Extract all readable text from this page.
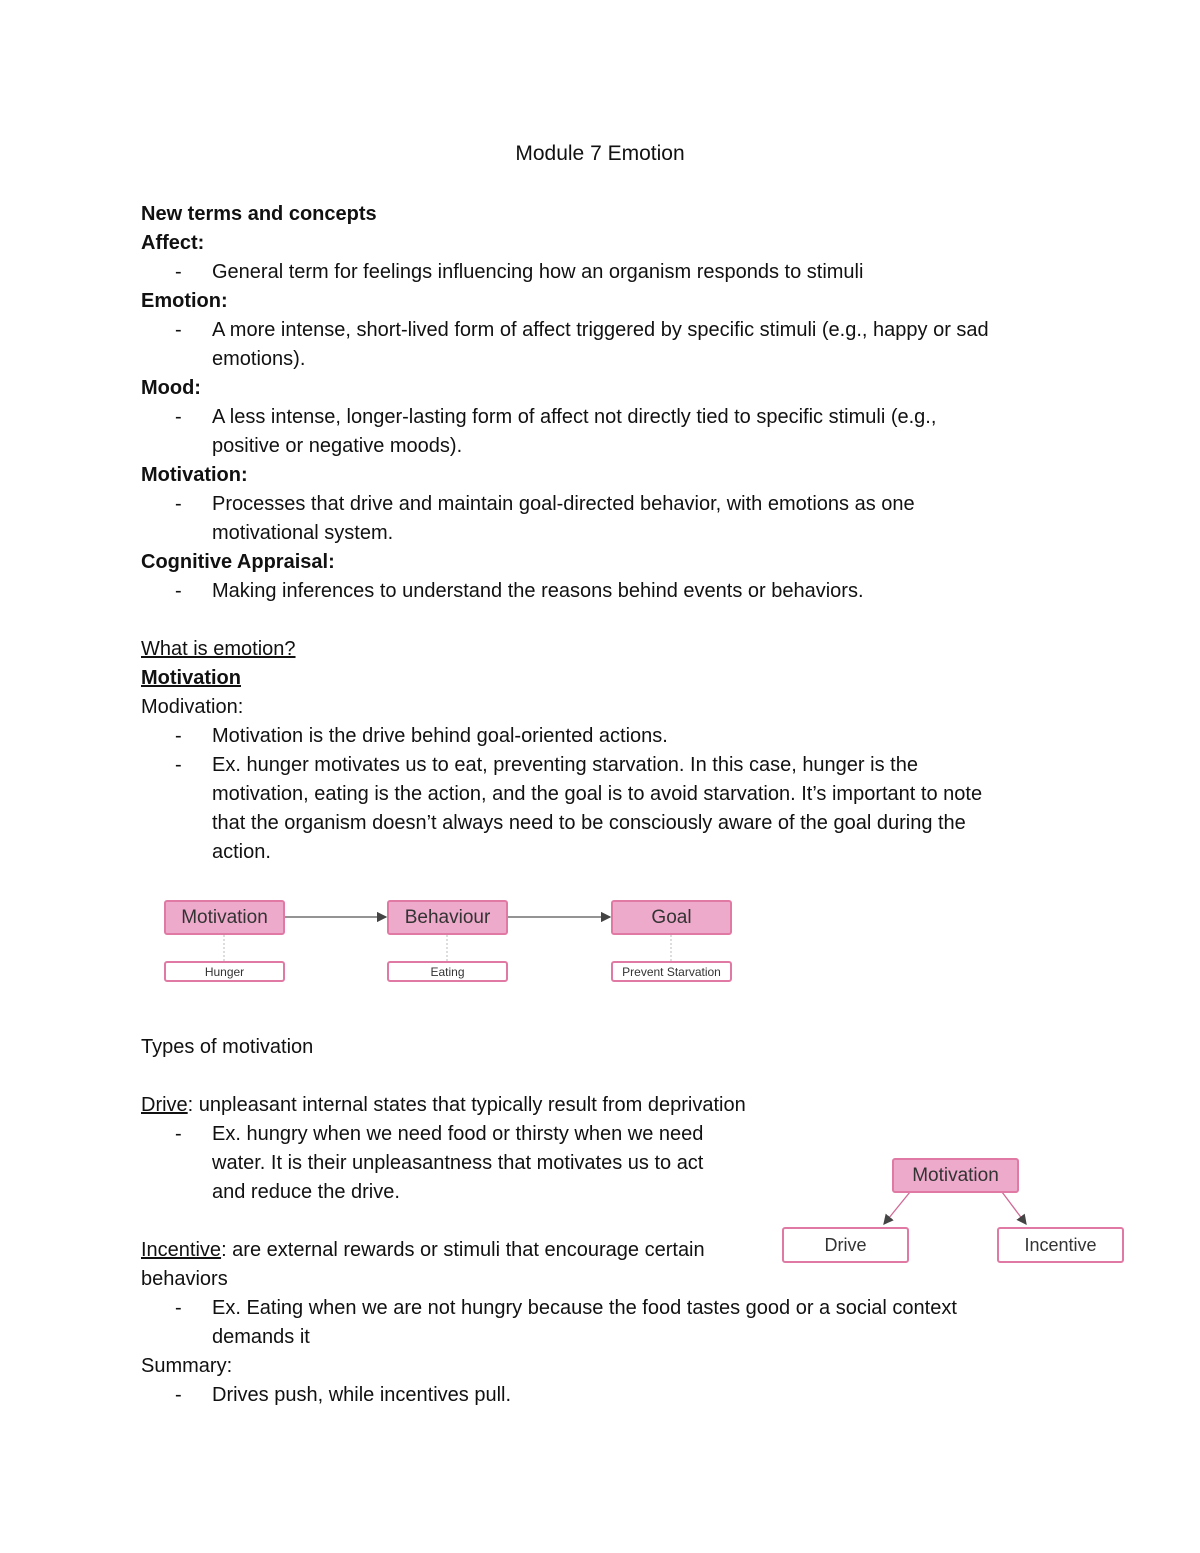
Module 7 Emotion
New terms and concepts
Affect:
- General term for feelings influencing how an organism responds to stimuli
Emotion:
- A more intense, short-lived form of affect triggered by specific stimuli (e.g., happy or sad
emotions).
Mood:
- A less intense, longer-lasting form of affect not directly tied to specific stimuli (e.g.,
positive or negative moods).
Motivation:
- Processes that drive and maintain goal-directed behavior, with emotions as one
motivational system.
Cognitive Appraisal:
- Making inferences to understand the reasons behind events or behaviors.
What is emotion?
Motivation
Modivation:
- Motivation is the drive behind goal-oriented actions.
- Ex. hunger motivates us to eat, preventing starvation. In this case, hunger is the
motivation, eating is the action, and the goal is to avoid starvation. It’s important to note
that the organism doesn’t always need to be consciously aware of the goal during the
action.
Motivation	Behaviour	Goal
Hunger	Eating	Prevent Starvation
Types of motivation
Drive: unpleasant internal states that typically result from deprivation
- Ex. hungry when we need food or thirsty when we need
water. It is their unpleasantness that motivates us to act
and reduce the drive.
Incentive: are external rewards or stimuli that encourage certain
behaviors
- Ex. Eating when we are not hungry because the food tastes good or a social context
demands it
Summary:
- Drives push, while incentives pull.
Motivation
Drive	Incentive
